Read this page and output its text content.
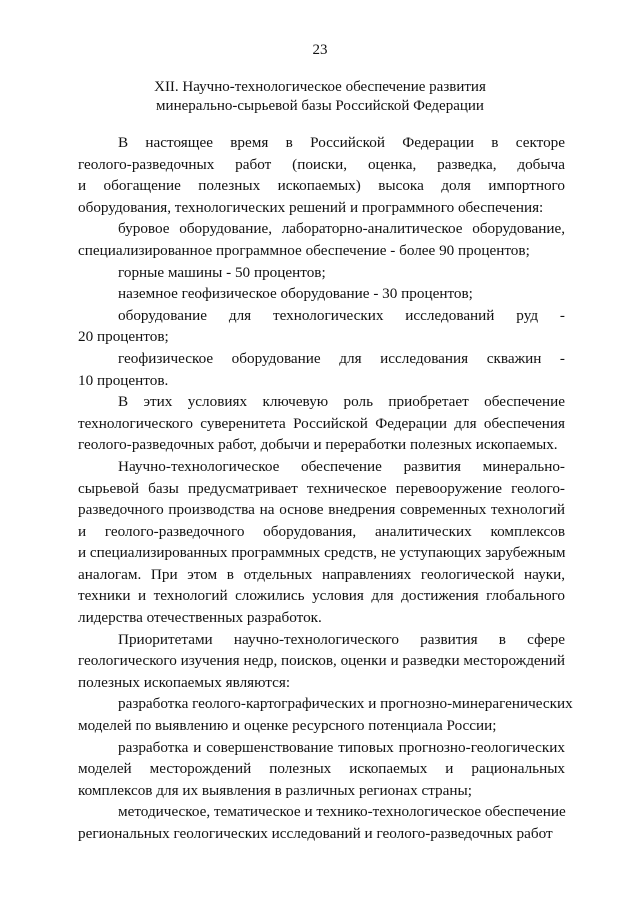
23
XII. Научно-технологическое обеспечение развития
минерально-сырьевой базы Российской Федерации

В настоящее время в Российской Федерации в секторе
геолого-разведочных работ (поиски, оценка, разведка, добыча
и обогащение полезных ископаемых) высока доля импортного
оборудования, технологических решений и программного обеспечения:

буровое оборудование, лабораторно-аналитическое оборудование,
специализированное программное обеспечение - более 90 процентов;

горные машины - 50 процентов;

наземное геофизическое оборудование - 30 процентов;

оборудование для технологических исследований руд -
20 процентов;

геофизическое оборудование для исследования скважин -
10 процентов.

В этих условиях ключевую роль приобретает обеспечение
технологического суверенитета Российской Федерации для обеспечения
геолого-разведочных работ, добычи и переработки полезных ископаемых.

Научно-технологическое обеспечение развития минерально-
сырьевой базы предусматривает техническое перевооружение геолого-
разведочного производства на основе внедрения современных технологий
и геолого-разведочного оборудования, аналитических комплексов
и специализированных программных средств, не уступающих зарубежным
аналогам. При этом в отдельных направлениях геологической науки,
техники и технологий сложились условия для достижения глобального
лидерства отечественных разработок.

Приоритетами научно-технологического развития в сфере
геологического изучения недр, поисков, оценки и разведки месторождений
полезных ископаемых являются:

разработка геолого-картографических и прогнозно-минерагенических
моделей по выявлению и оценке ресурсного потенциала России;

разработка и совершенствование типовых прогнозно-геологических
моделей месторождений полезных ископаемых и рациональных
комплексов для их выявления в различных регионах страны;

методическое, тематическое и технико-технологическое обеспечение
региональных геологических исследований и геолого-разведочных работ
